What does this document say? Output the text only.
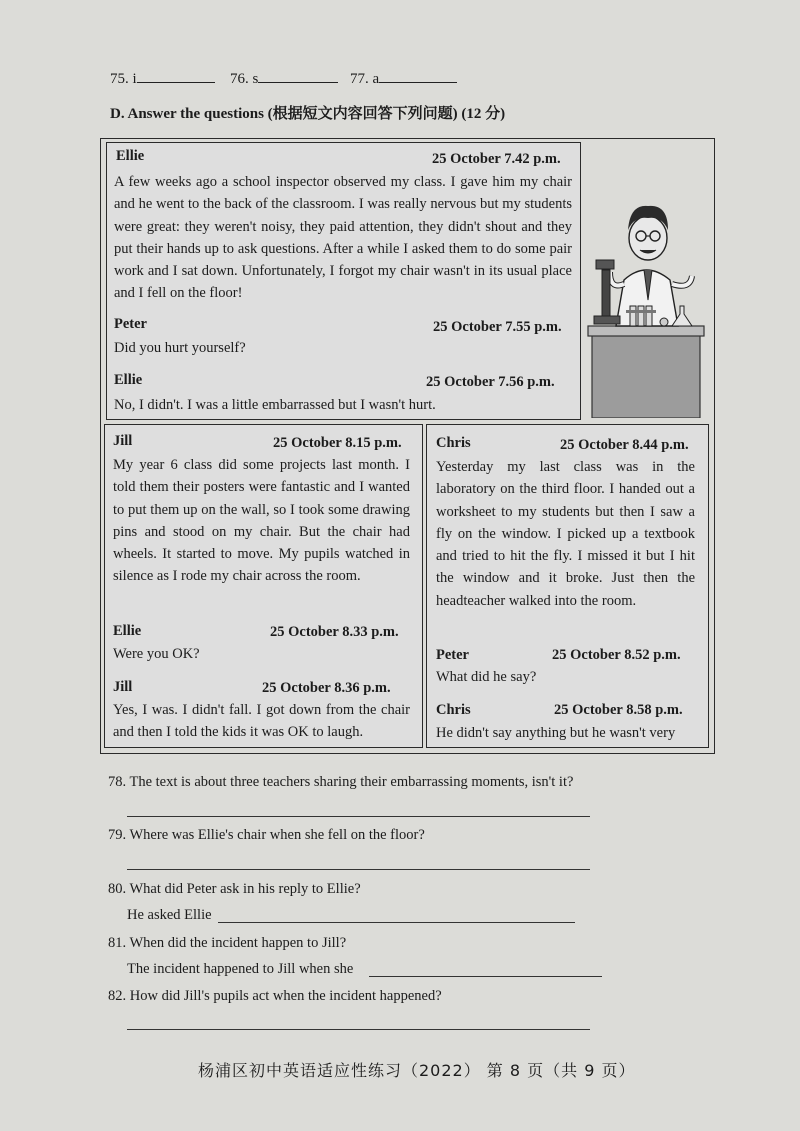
75. i	76. s	77. a
D. Answer the questions (根据短文内容回答下列问题) (12 分)
Ellie	25 October 7.42 p.m.
A few weeks ago a school inspector observed my class. I gave him my chair and he went to the back of the classroom. I was really nervous but my students were great: they weren't noisy, they paid attention, they didn't shout and they put their hands up to ask questions. After a while I asked them to do some pair work and I sat down. Unfortunately, I forgot my chair wasn't in its usual place and I fell on the floor!
Peter	25 October 7.55 p.m.
Did you hurt yourself?
Ellie	25 October 7.56 p.m.
No, I didn't. I was a little embarrassed but I wasn't hurt.
Jill	25 October 8.15 p.m.
My year 6 class did some projects last month. I told them their posters were fantastic and I wanted to put them up on the wall, so I took some drawing pins and stood on my chair. But the chair had wheels. It started to move. My pupils watched in silence as I rode my chair across the room.
Ellie	25 October 8.33 p.m.
Were you OK?
Jill	25 October 8.36 p.m.
Yes, I was. I didn't fall. I got down from the chair and then I told the kids it was OK to laugh.
Chris	25 October 8.44 p.m.
Yesterday my last class was in the laboratory on the third floor. I handed out a worksheet to my students but then I saw a fly on the window. I picked up a textbook and tried to hit the fly. I missed it but I hit the window and it broke. Just then the headteacher walked into the room.
Peter	25 October 8.52 p.m.
What did he say?
Chris	25 October 8.58 p.m.
He didn't say anything but he wasn't very
78. The text is about three teachers sharing their embarrassing moments, isn't it?
79. Where was Ellie's chair when she fell on the floor?
80. What did Peter ask in his reply to Ellie?
He asked Ellie
81. When did the incident happen to Jill?
The incident happened to Jill when she
82. How did Jill's pupils act when the incident happened?
杨浦区初中英语适应性练习（2022） 第 8 页（共 9 页）
